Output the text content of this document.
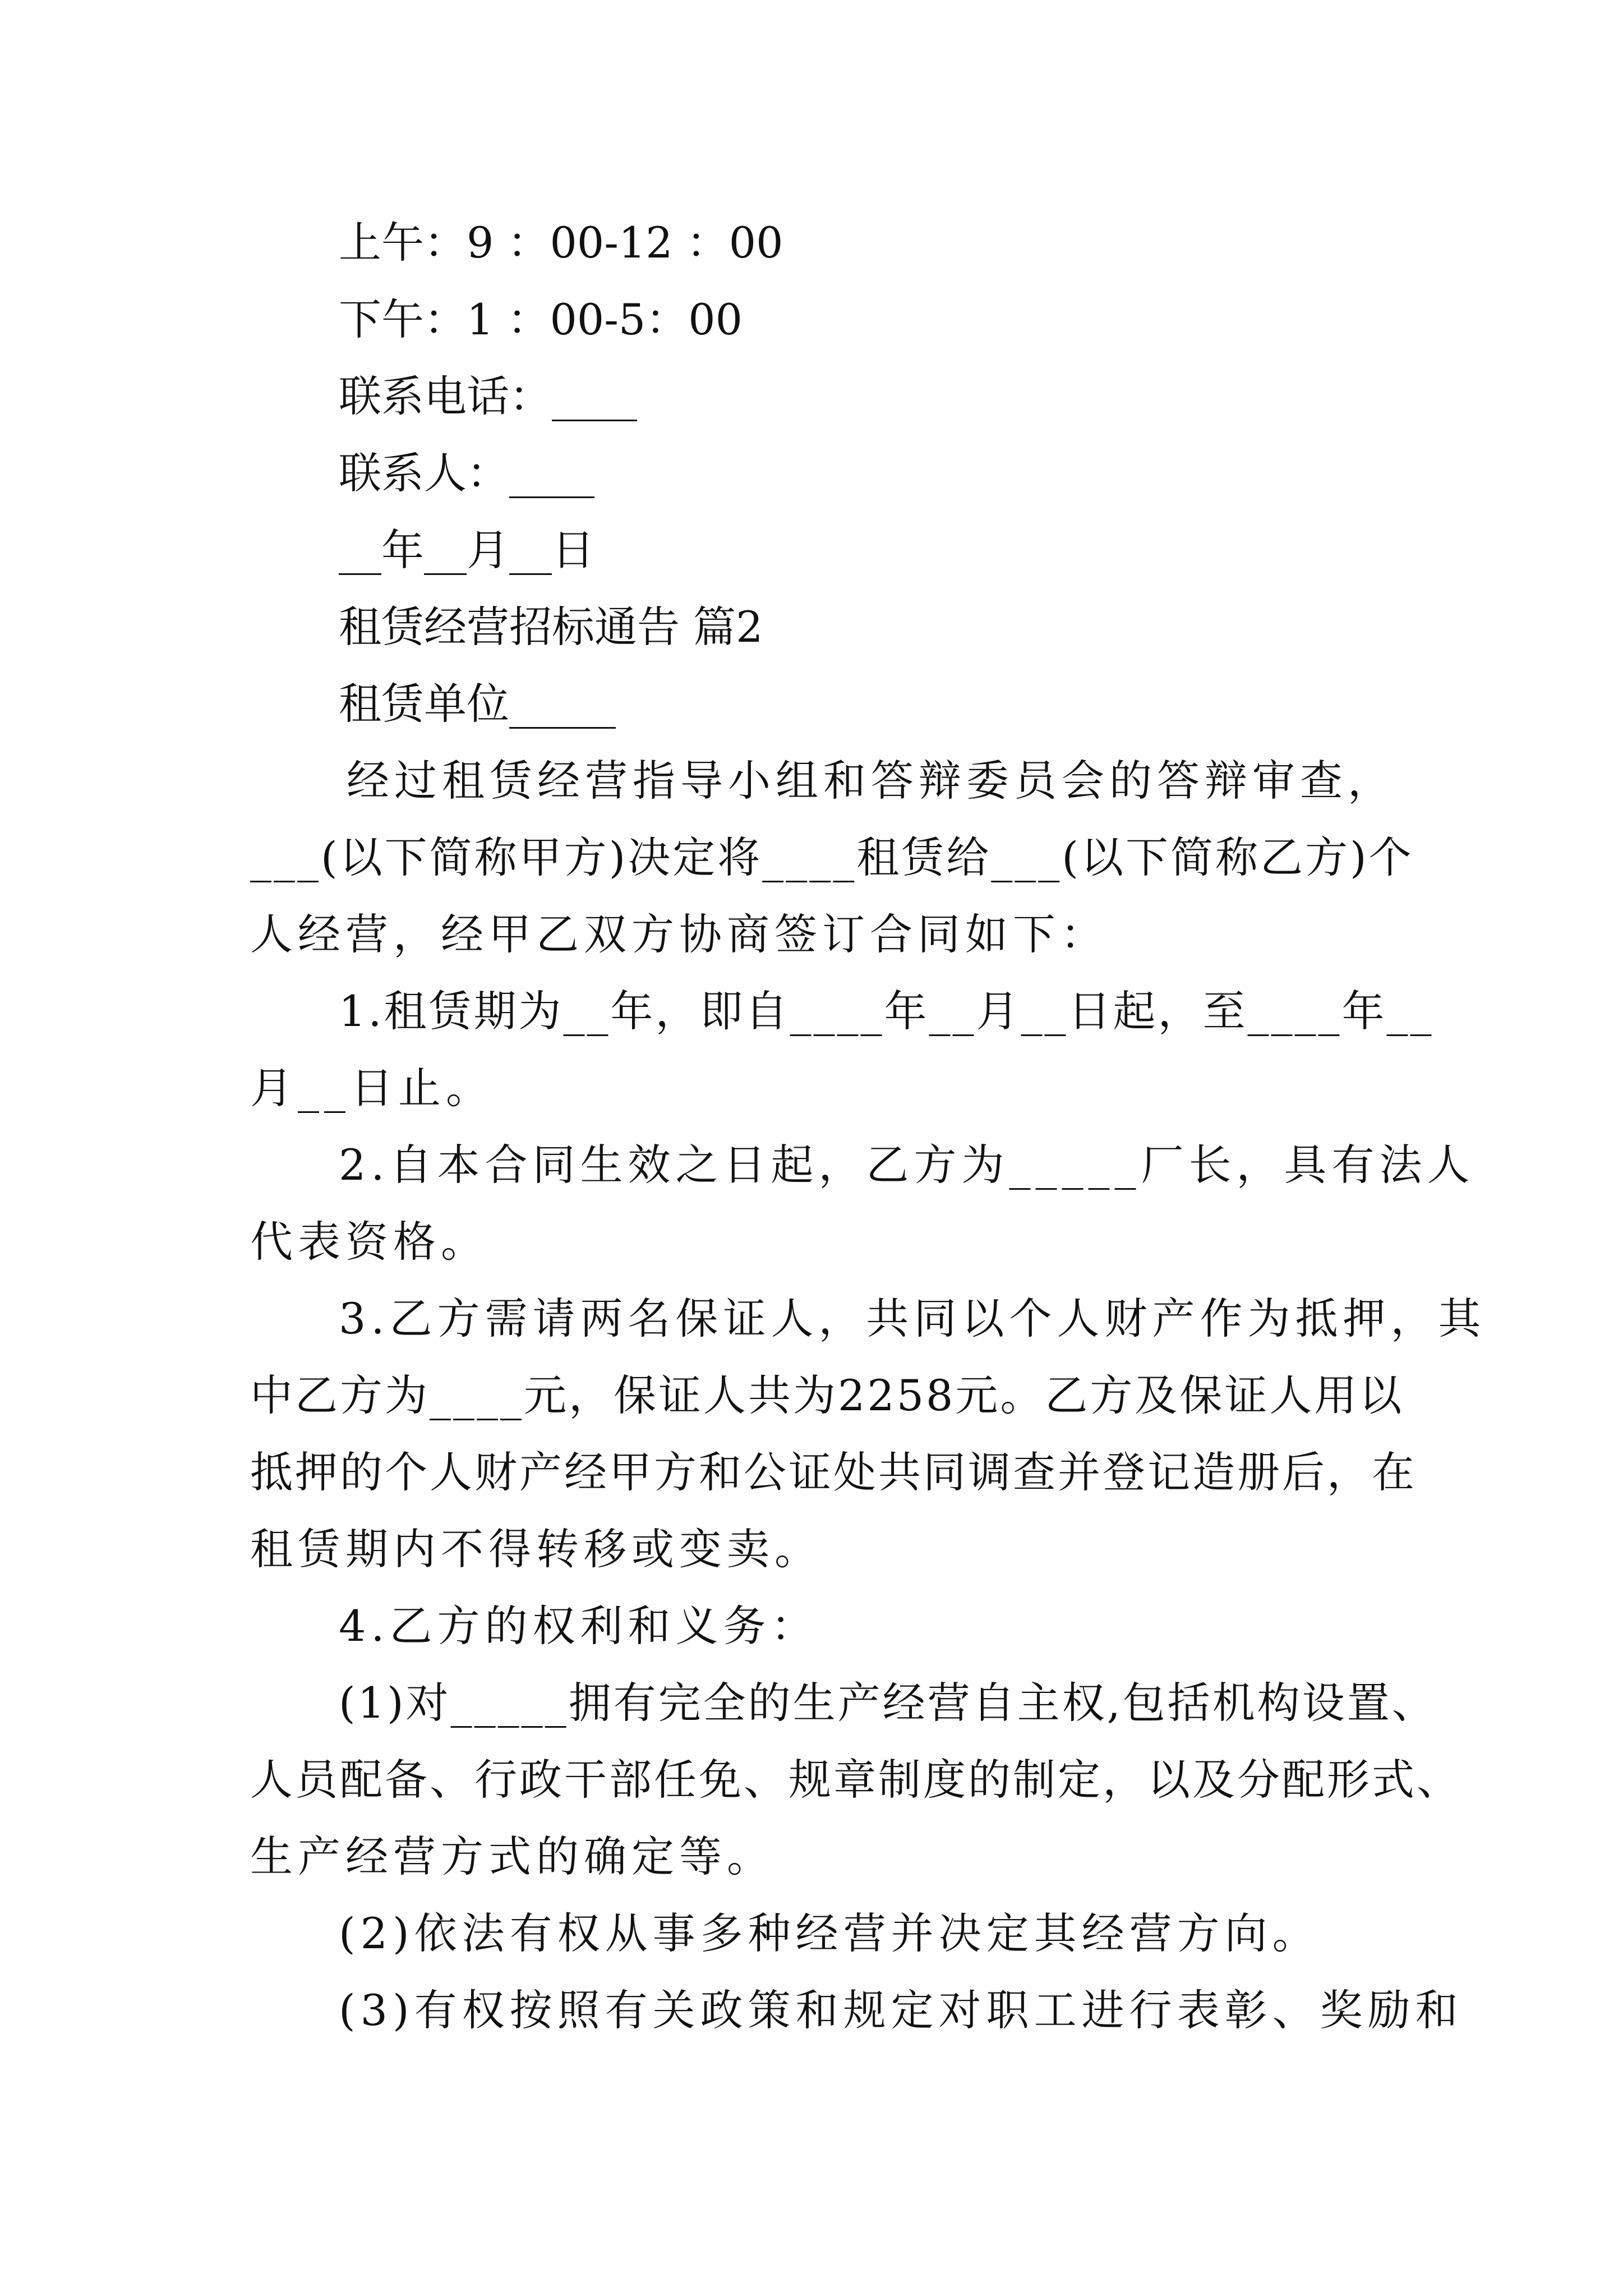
上午：9 ：00-12 ：00
下午：1 ：00-5：00
联系电话：____
联系人：____
__年__月__日
租赁经营招标通告 篇2
租赁单位_____
经过租赁经营指导小组和答辩委员会的答辩审查，
___(以下简称甲方)决定将____租赁给___(以下简称乙方)个
人经营，经甲乙双方协商签订合同如下：
1.租赁期为__年，即自____年__月__日起，至____年__
月__日止。
2.自本合同生效之日起，乙方为_____厂长，具有法人
代表资格。
3.乙方需请两名保证人，共同以个人财产作为抵押，其
中乙方为____元，保证人共为2258元。乙方及保证人用以
抵押的个人财产经甲方和公证处共同调查并登记造册后，在
租赁期内不得转移或变卖。
4.乙方的权利和义务：
(1)对_____拥有完全的生产经营自主权,包括机构设置、
人员配备、行政干部任免、规章制度的制定，以及分配形式、
生产经营方式的确定等。
(2)依法有权从事多种经营并决定其经营方向。
(3)有权按照有关政策和规定对职工进行表彰、奖励和
